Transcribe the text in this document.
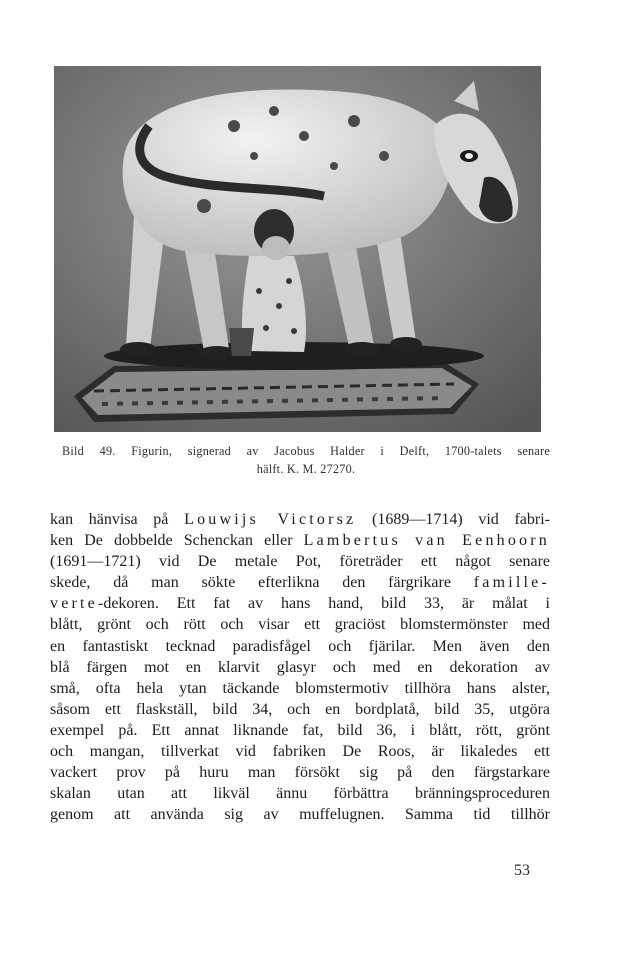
Bild 49. Figurin, signerad av Jacobus Halder i Delft, 1700-talets senare
hälft. K. M. 27270.
kan hänvisa på Louwijs Victorsz (1689—1714) vid fabri-
ken De dobbelde Schenckan eller Lambertus van Eenhoorn
(1691—1721) vid De metale Pot, företräder ett något senare
skede, då man sökte efterlikna den färgrikare famille-
verte-dekoren. Ett fat av hans hand, bild 33, är målat i
blått, grönt och rött och visar ett graciöst blomstermönster med
en fantastiskt tecknad paradisfågel och fjärilar. Men även den
blå färgen mot en klarvit glasyr och med en dekoration av
små, ofta hela ytan täckande blomstermotiv tillhöra hans alster,
såsom ett flaskställ, bild 34, och en bordplatå, bild 35, utgöra
exempel på. Ett annat liknande fat, bild 36, i blått, rött, grönt
och mangan, tillverkat vid fabriken De Roos, är likaledes ett
vackert prov på huru man försökt sig på den färgstarkare
skalan utan att likväl ännu förbättra bränningsproceduren
genom att använda sig av muffelugnen. Samma tid tillhör
53
